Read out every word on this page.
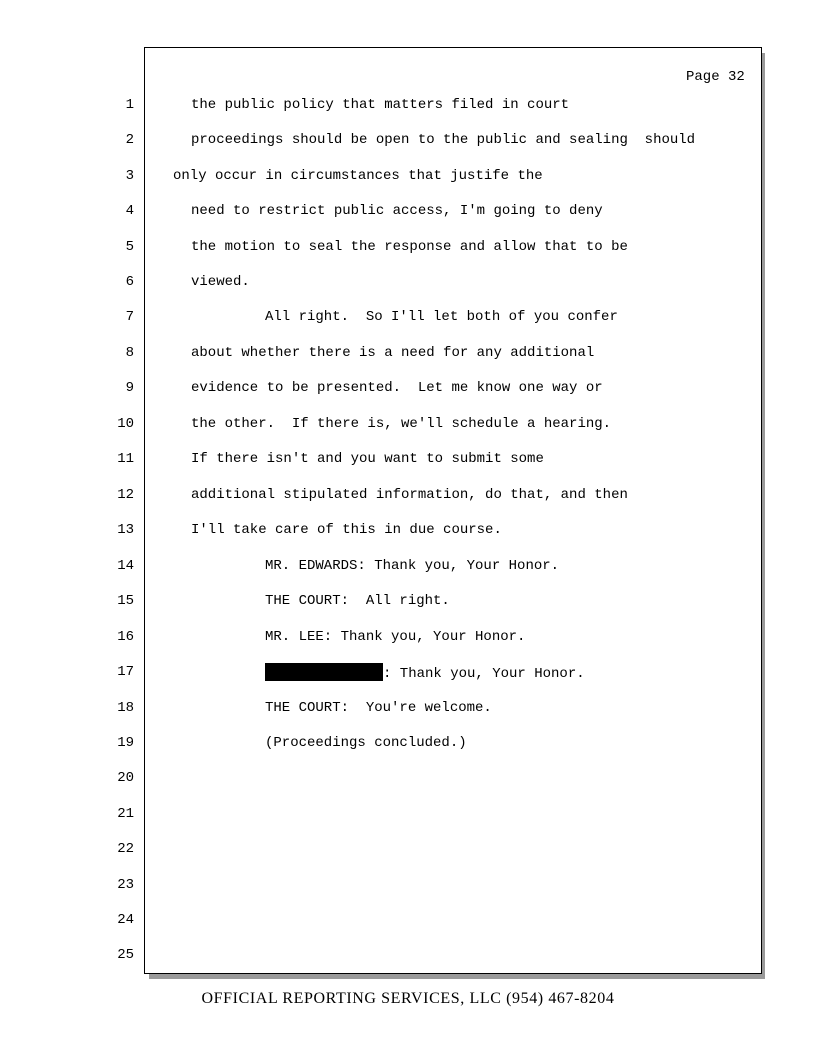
Page 32
1
2
3
4
5
6
7
8
9
10
11
12
13
14
15
16
17
18
19
20
21
22
23
24
25
the public policy that matters filed in court
proceedings should be open to the public and sealing  should
only occur in circumstances that justife the
need to restrict public access, I'm going to deny
the motion to seal the response and allow that to be
viewed.
All right.  So I'll let both of you confer
about whether there is a need for any additional
evidence to be presented.  Let me know one way or
the other.  If there is, we'll schedule a hearing.
If there isn't and you want to submit some
additional stipulated information, do that, and then
I'll take care of this in due course.
MR. EDWARDS: Thank you, Your Honor.
THE COURT:  All right.
MR. LEE: Thank you, Your Honor.
: Thank you, Your Honor.
THE COURT:  You're welcome.
(Proceedings concluded.)
OFFICIAL REPORTING SERVICES, LLC (954) 467-8204
